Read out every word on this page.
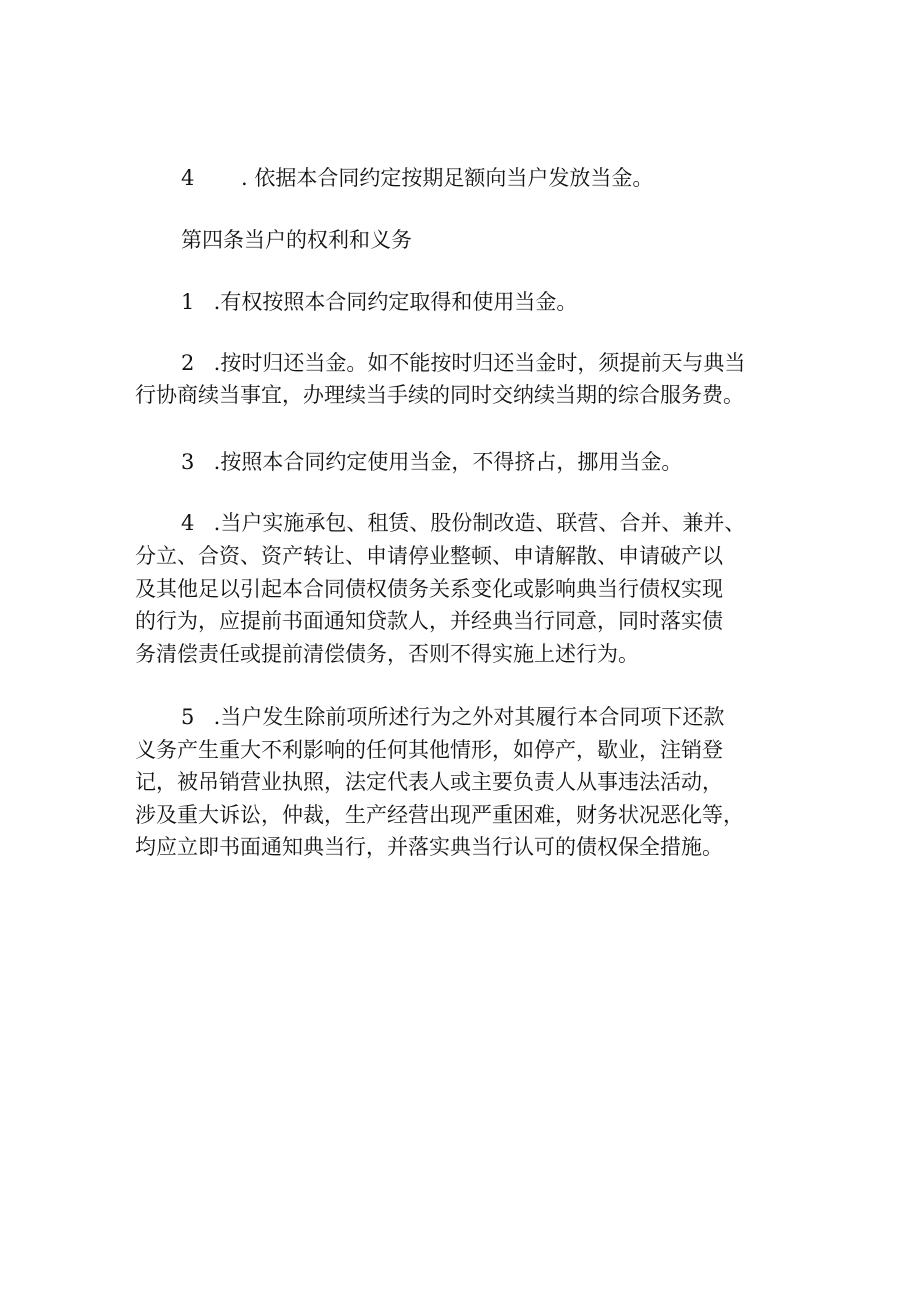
4 . 依据本合同约定按期足额向当户发放当金。
第四条当户的权利和义务
1 .有权按照本合同约定取得和使用当金。
2 .按时归还当金。如不能按时归还当金时，须提前天与典当
行协商续当事宜，办理续当手续的同时交纳续当期的综合服务费。
3 .按照本合同约定使用当金，不得挤占，挪用当金。
4 .当户实施承包、租赁、股份制改造、联营、合并、兼并、
分立、合资、资产转让、申请停业整顿、申请解散、申请破产以
及其他足以引起本合同债权债务关系变化或影响典当行债权实现
的行为，应提前书面通知贷款人，并经典当行同意，同时落实债
务清偿责任或提前清偿债务，否则不得实施上述行为。
5 .当户发生除前项所述行为之外对其履行本合同项下还款
义务产生重大不利影响的任何其他情形，如停产，歇业，注销登
记，被吊销营业执照，法定代表人或主要负责人从事违法活动，
涉及重大诉讼，仲裁，生产经营出现严重困难，财务状况恶化等，
均应立即书面通知典当行，并落实典当行认可的债权保全措施。
